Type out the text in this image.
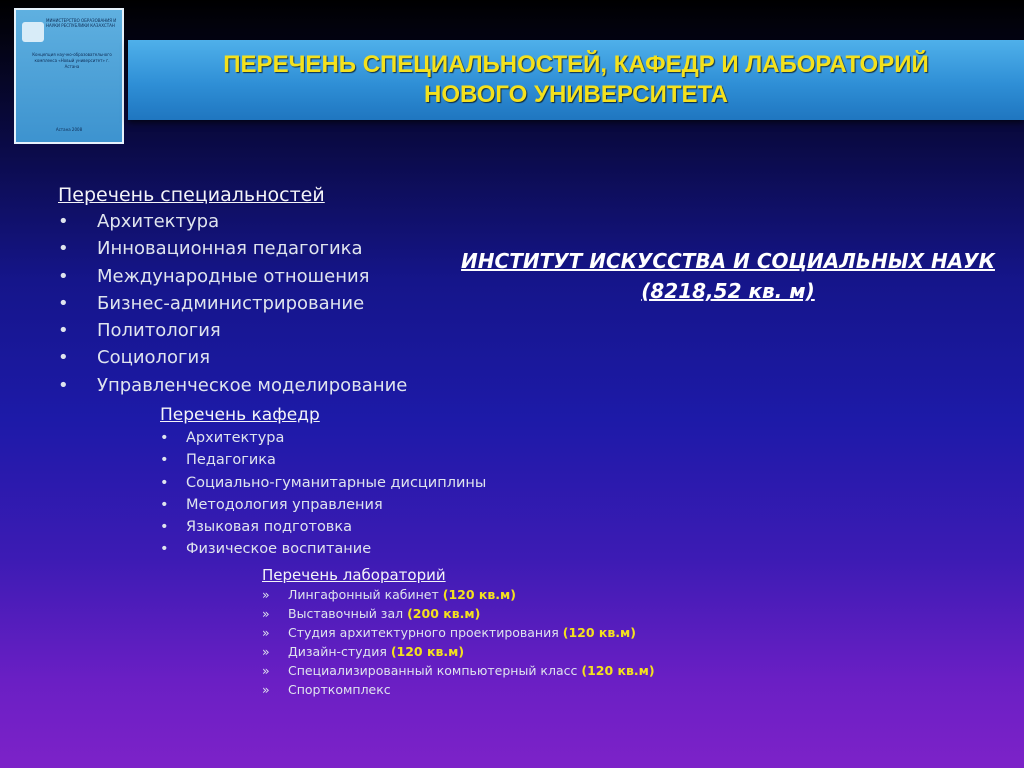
МИНИСТЕРСТВО ОБРАЗОВАНИЯ И НАУКИ РЕСПУБЛИКИ КАЗАХСТАН
Концепция научно-образовательного комплекса «Новый университет» г. Астана
Астана 2008
ПЕРЕЧЕНЬ СПЕЦИАЛЬНОСТЕЙ, КАФЕДР И ЛАБОРАТОРИЙ
НОВОГО УНИВЕРСИТЕТА
Перечень специальностей
• Архитектура
• Инновационная педагогика
• Международные отношения
• Бизнес-администрирование
• Политология
• Социология
• Управленческое моделирование
Перечень кафедр
• Архитектура
• Педагогика
• Социально-гуманитарные дисциплины
• Методология управления
• Языковая подготовка
• Физическое воспитание
Перечень лабораторий
» Лингафонный кабинет (120 кв.м)
» Выставочный зал (200 кв.м)
» Студия архитектурного проектирования (120 кв.м)
» Дизайн-студия (120 кв.м)
» Специализированный компьютерный класс (120 кв.м)
» Спорткомплекс
ИНСТИТУТ ИСКУССТВА И СОЦИАЛЬНЫХ НАУК
(8218,52 кв. м)
